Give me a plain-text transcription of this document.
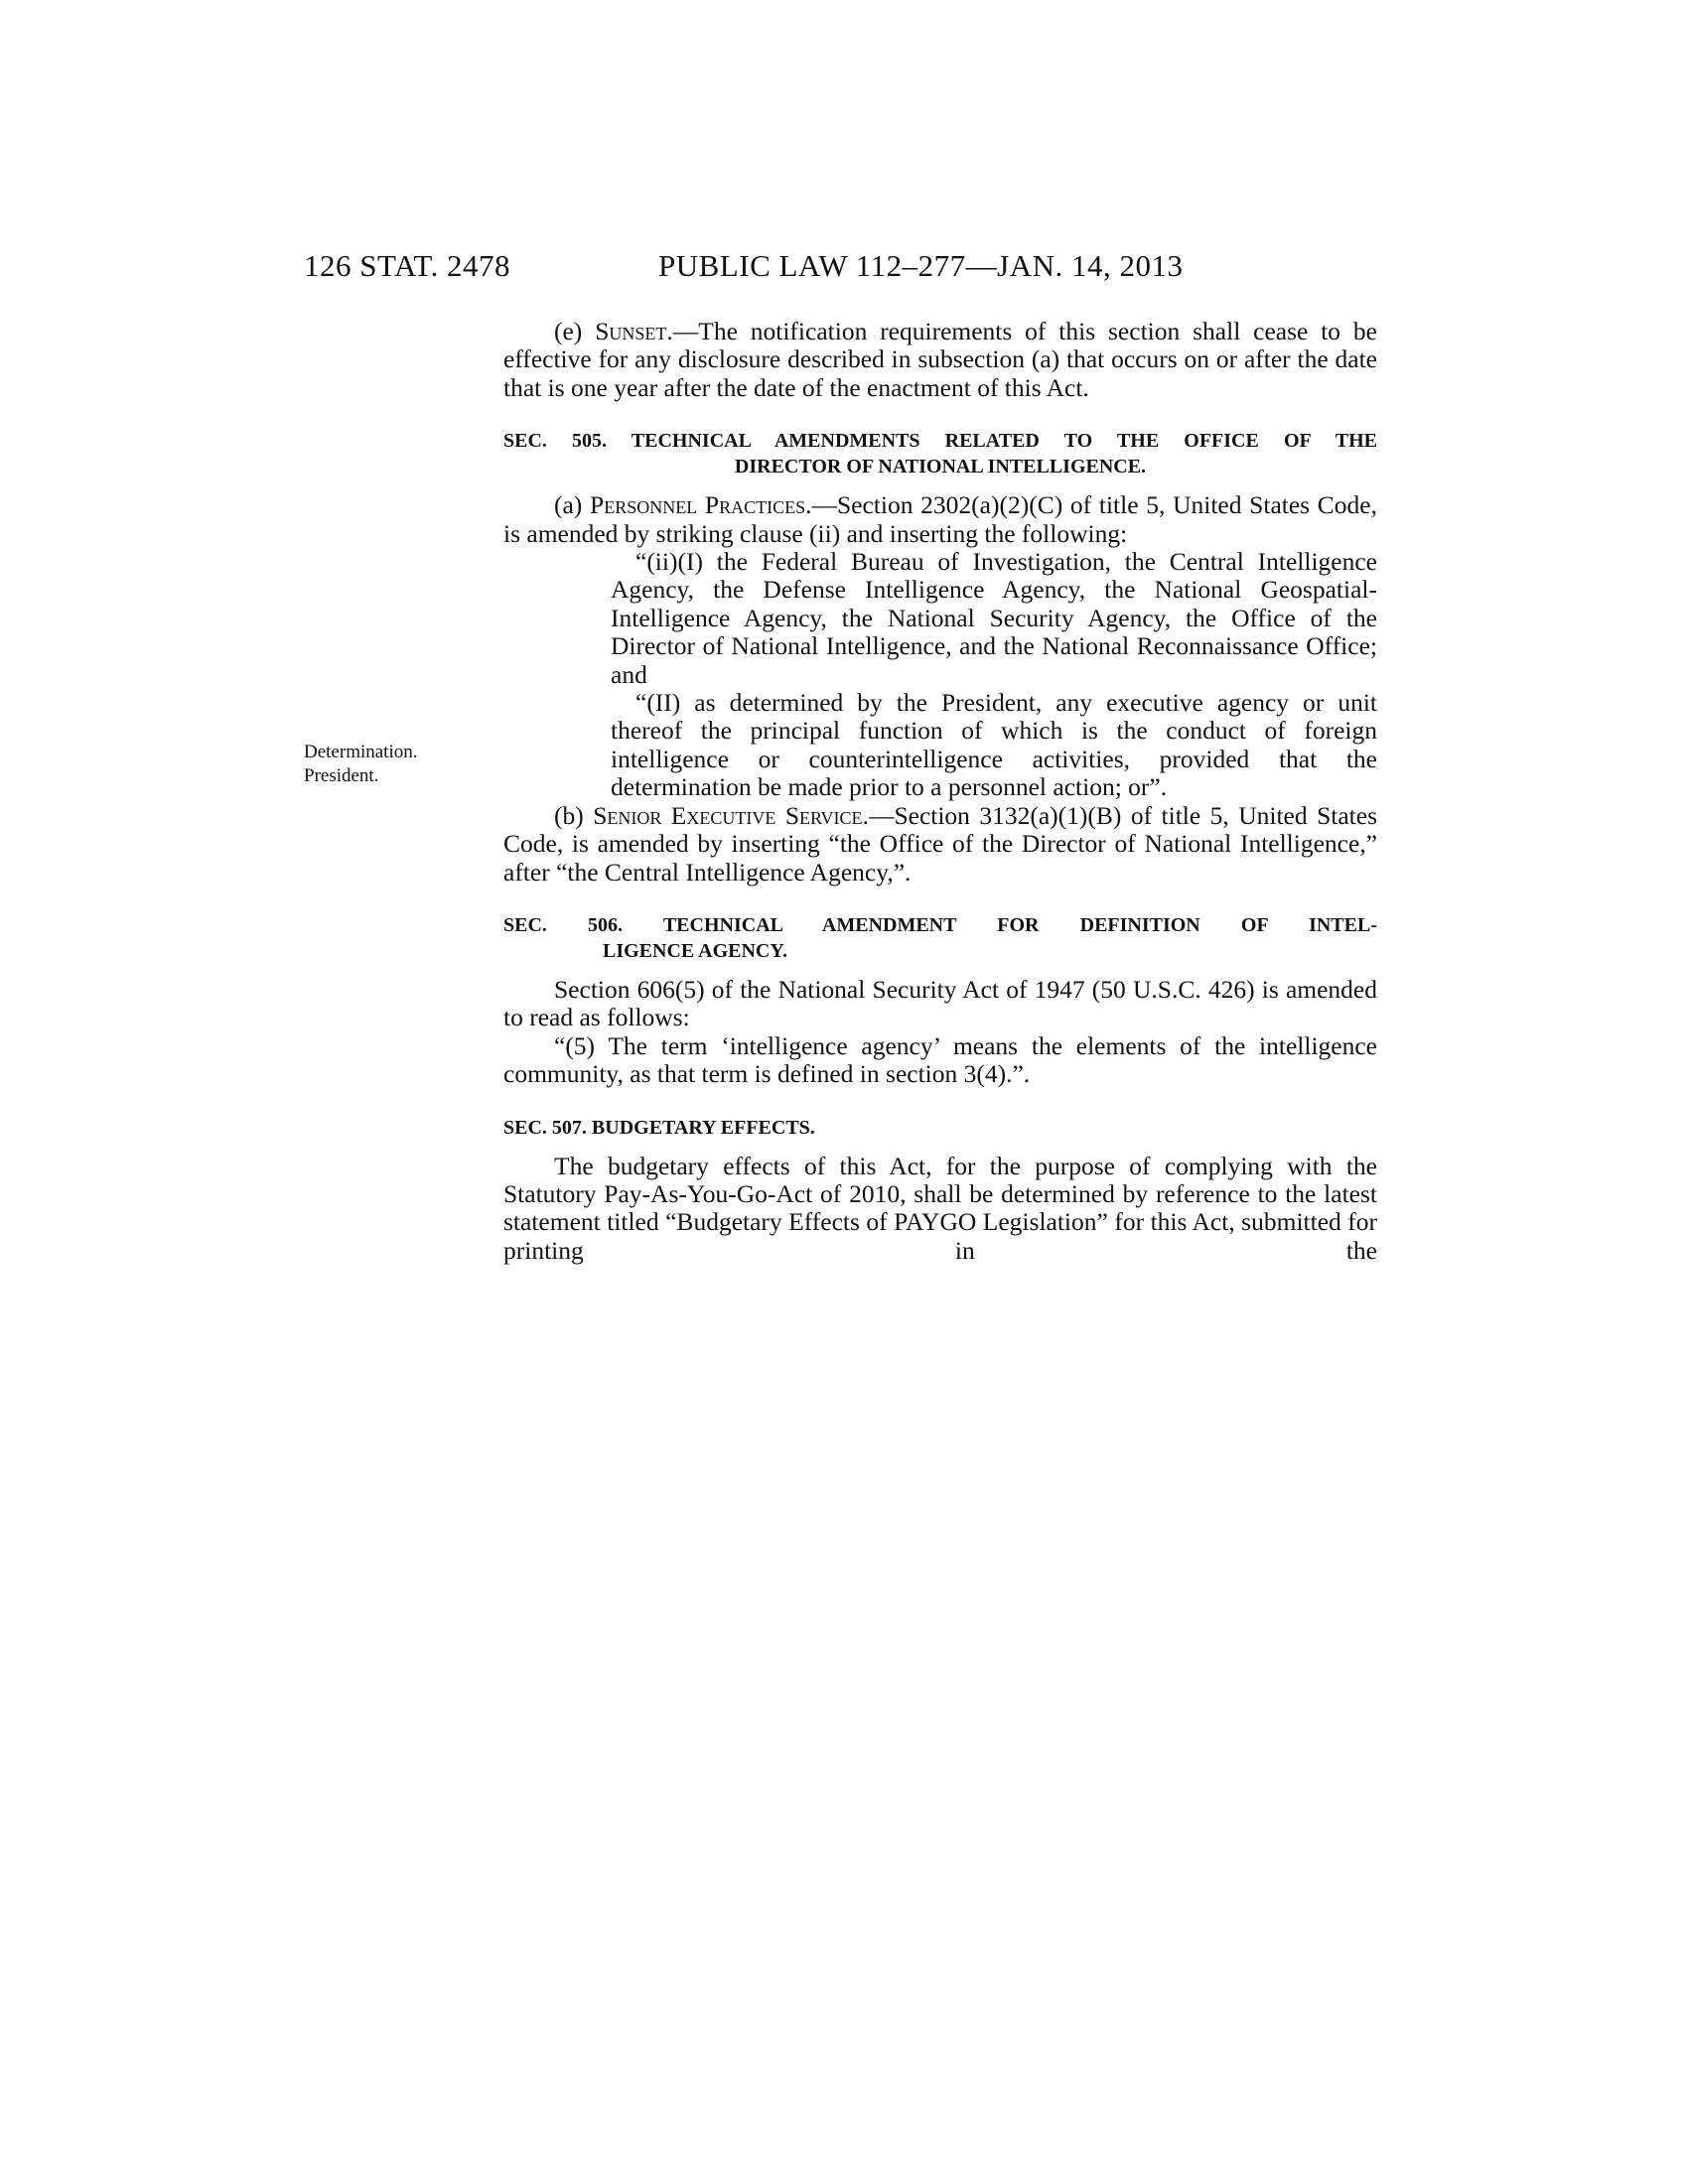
126 STAT. 2478	PUBLIC LAW 112–277—JAN. 14, 2013
Determination.
President.

(e) Sunset.—The notification requirements of this section shall cease to be effective for any disclosure described in subsection (a) that occurs on or after the date that is one year after the date of the enactment of this Act.

SEC. 505. TECHNICAL AMENDMENTS RELATED TO THE OFFICE OF THE
DIRECTOR OF NATIONAL INTELLIGENCE.

(a) Personnel Practices.—Section 2302(a)(2)(C) of title 5, United States Code, is amended by striking clause (ii) and inserting the following:

“(ii)(I) the Federal Bureau of Investigation, the Central Intelligence Agency, the Defense Intelligence Agency, the National Geospatial-Intelligence Agency, the National Security Agency, the Office of the Director of National Intelligence, and the National Reconnaissance Office; and

“(II) as determined by the President, any executive agency or unit thereof the principal function of which is the conduct of foreign intelligence or counterintelligence activities, provided that the determination be made prior to a personnel action; or”.

(b) Senior Executive Service.—Section 3132(a)(1)(B) of title 5, United States Code, is amended by inserting “the Office of the Director of National Intelligence,” after “the Central Intelligence Agency,”.

SEC. 506. TECHNICAL AMENDMENT FOR DEFINITION OF INTEL-
LIGENCE AGENCY.

Section 606(5) of the National Security Act of 1947 (50 U.S.C. 426) is amended to read as follows:

“(5) The term ‘intelligence agency’ means the elements of the intelligence community, as that term is defined in section 3(4).”.

SEC. 507. BUDGETARY EFFECTS.

The budgetary effects of this Act, for the purpose of complying with the Statutory Pay-As-You-Go-Act of 2010, shall be determined by reference to the latest statement titled “Budgetary Effects of PAYGO Legislation” for this Act, submitted for printing in the
